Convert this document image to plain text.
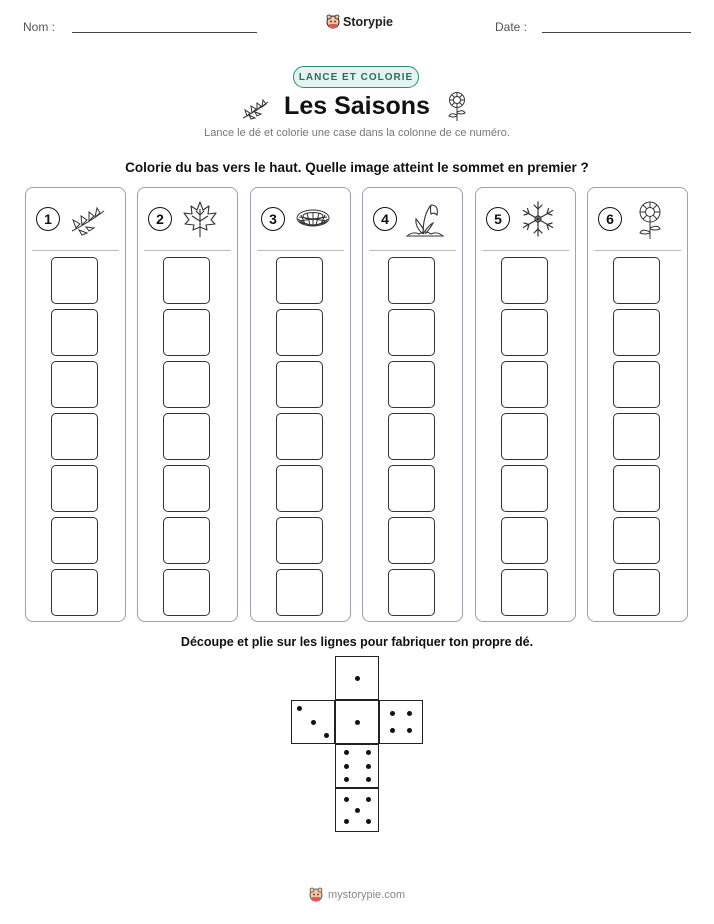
Nom :	Storypie	Date :
LANCE ET COLORIE
Les Saisons
Lance le dé et colorie une case dans la colonne de ce numéro.
Colorie du bas vers le haut. Quelle image atteint le sommet en premier ?
1	2	3	4	5	6
Découpe et plie sur les lignes pour fabriquer ton propre dé.
mystorypie.com
